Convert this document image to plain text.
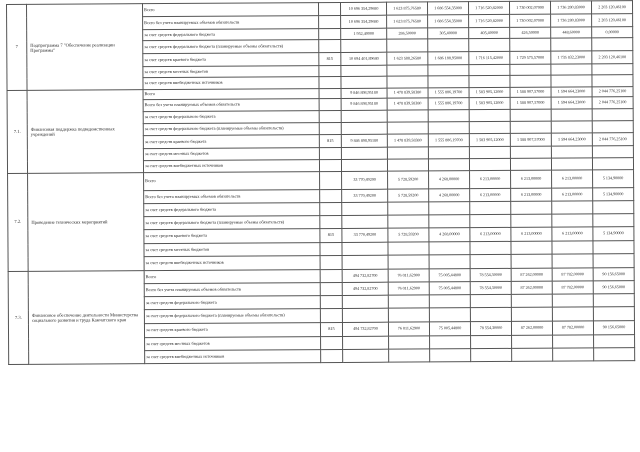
7	Подпрограмма 7 "Обеспечение реализации Программы"	Всего		10 696 354,29680	1 623 875,76580	1 686 554,35000	1 716 520,82000	1 730 002,07000	1 736 280,83000	2 203 120,46100
		Всего без учета планируемых объемов обязательств		10 696 354,29680	1 623 875,76580	1 686 554,35000	1 716 520,82000	1 730 002,07000	1 736 280,83000	2 203 120,46100
		за счет средств федерального бюджета		1 952,40000	286,50000	305,40000	405,40000	426,50000	448,60000	0,00000
		за счет средств федерального бюджета (планируемые объемы обязательств)								
		за счет средств краевого бюджета	815	10 694 401,89680	1 623 588,26580	1 686 188,95000	1 716 115,42000	1 729 575,57000	1 735 832,23000	2 203 120,46100
		за счет средств местных бюджетов								
		за счет средств внебюджетных источников								
7.1.	Финансовая поддержка подведомственных учреждений	Всего		9 846 898,95180	1 478 839,58380	1 555 886,19700	1 583 905,12000	1 588 907,57000	1 594 664,23000	2 044 776,25100
		Всего без учета планируемых объемов обязательств		9 846 898,95180	1 478 839,58380	1 555 886,19700	1 583 905,12000	1 588 907,57000	1 594 664,23000	2 044 776,25100
		за счет средств федерального бюджета								
		за счет средств федерального бюджета (планируемые объемы обязательств)								
		за счет средств краевого бюджета	815	9 846 898,95180	1 478 839,58380	1 555 886,19700	1 583 905,12000	1 588 907,57000	1 594 664,23000	2 044 776,25100
		за счет средств местных бюджетов								
		за счет средств внебюджетных источников								
7.2.	Проведение технических мероприятий	Всего		33 770,49200	5 728,59200	4 268,00000	6 213,00000	6 213,00000	6 213,00000	5 134,90000
		Всего без учета планируемых объемов обязательств		33 770,49200	5 728,59200	4 268,00000	6 213,00000	6 213,00000	6 213,00000	5 134,90000
		за счет средств федерального бюджета								
		за счет средств федерального бюджета (планируемые объемы обязательств)								
		за счет средств краевого бюджета	815	33 770,49200	5 728,59200	4 268,00000	6 213,00000	6 213,00000	6 213,00000	5 134,90000
		за счет средств местных бюджетов								
		за счет средств внебюджетных источников								
7.3.	Финансовое обеспечение деятельности Министерства социального развития и труда Камчатского края	Всего		494 732,82700	76 011,62900	75 005,44800	78 554,30000	87 262,00000	87 782,00000	90 156,65000
		Всего без учета планируемых объемов обязательств		494 732,82700	76 011,62900	75 005,44800	78 554,30000	87 262,00000	87 782,00000	90 156,65000
		за счет средств федерального бюджета								
		за счет средств федерального бюджета (планируемые объемы обязательств)								
		за счет средств краевого бюджета	815	494 732,82700	76 011,62900	75 005,44800	78 554,30000	87 262,00000	87 782,00000	90 156,65000
		за счет средств местных бюджетов								
		за счет средств внебюджетных источников								
